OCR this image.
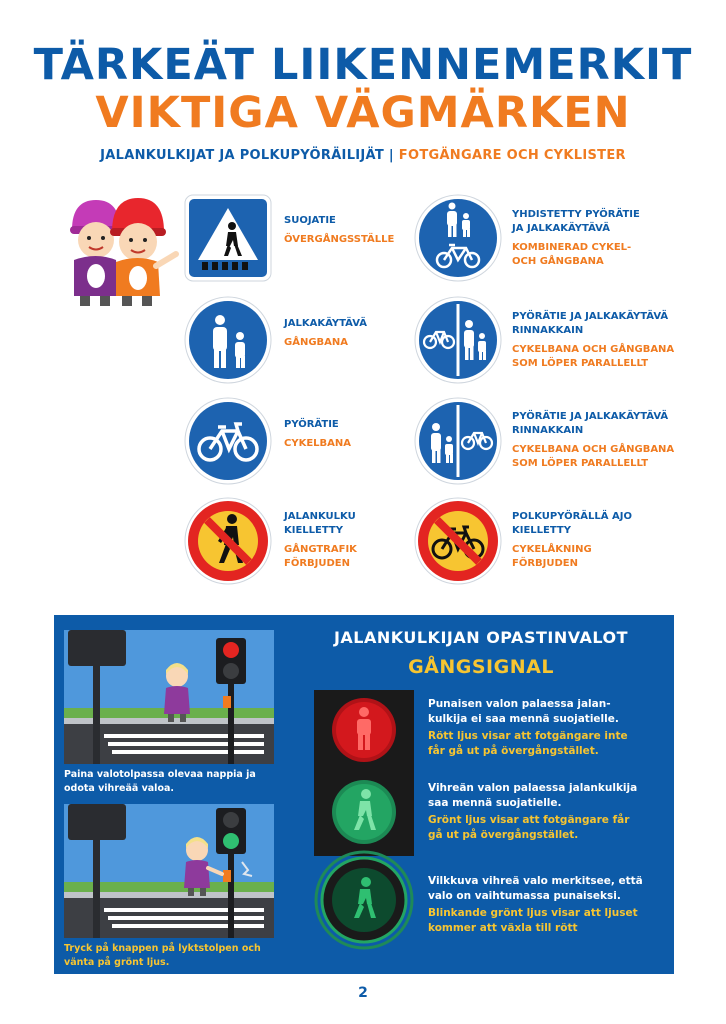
TÄRKEÄT LIIKENNEMERKIT
VIKTIGA VÄGMÄRKEN
JALANKULKIJAT JA POLKUPYÖRÄILIJÄT | FOTGÄNGARE OCH CYKLISTER
SUOJATIE
ÖVERGÅNGSSTÄLLE
JALKAKÄYTÄVÄ
GÅNGBANA
PYÖRÄTIE
CYKELBANA
JALANKULKU
KIELLETTY
GÅNGTRAFIK
FÖRBJUDEN
YHDISTETTY PYÖRÄTIE
JA JALKAKÄYTÄVÄ
KOMBINERAD CYKEL-
OCH GÅNGBANA
PYÖRÄTIE JA JALKAKÄYTÄVÄ
RINNAKKAIN
CYKELBANA OCH GÅNGBANA
SOM LÖPER PARALLELLT
PYÖRÄTIE JA JALKAKÄYTÄVÄ
RINNAKKAIN
CYKELBANA OCH GÅNGBANA
SOM LÖPER PARALLELLT
POLKUPYÖRÄLLÄ AJO
KIELLETTY
CYKELÅKNING
FÖRBJUDEN
Paina valotolpassa olevaa nappia ja
odota vihreää valoa.
Tryck på knappen på lyktstolpen och
vänta på grönt ljus.
JALANKULKIJAN OPASTINVALOT
GÅNGSIGNAL
Punaisen valon palaessa jalan-
kulkija ei saa mennä suojatielle.
Rött ljus visar att fotgängare inte
får gå ut på övergångstället.
Vihreän valon palaessa jalankulkija
saa mennä suojatielle.
Grönt ljus visar att fotgängare får
gå ut på övergångstället.
Vilkkuva vihreä valo merkitsee, että
valo on vaihtumassa punaiseksi.
Blinkande grönt ljus visar att ljuset
kommer att växla till rött
2
